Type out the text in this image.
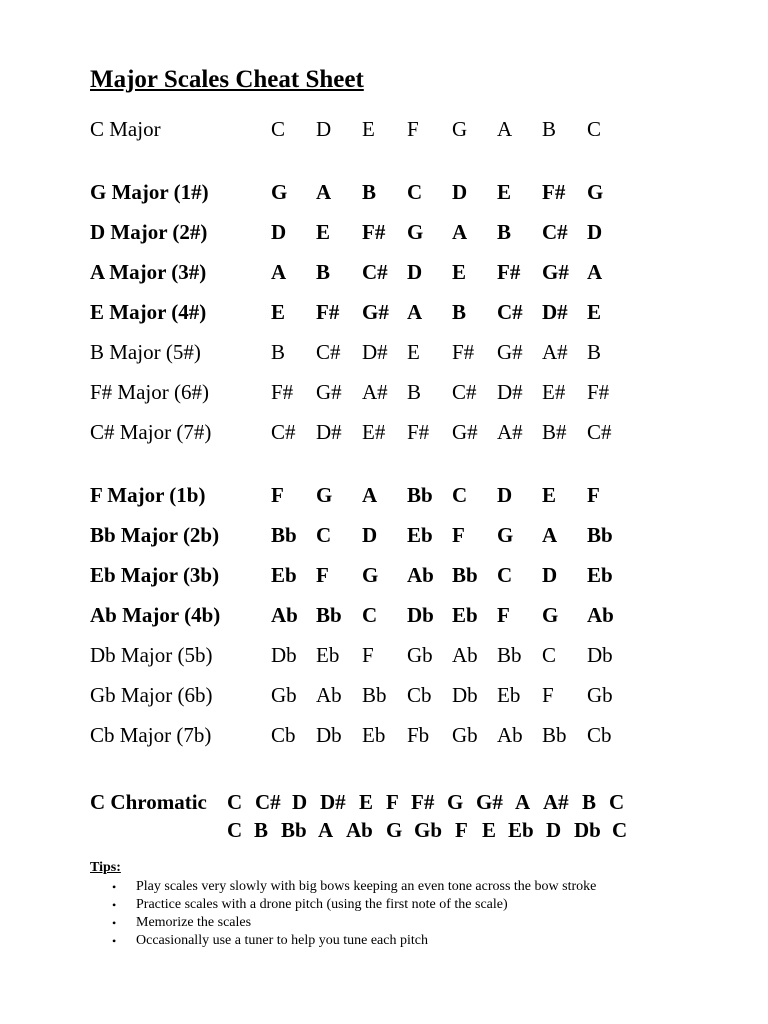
Major Scales Cheat Sheet
C Major	C D E F G A B C
G Major (1#)	G A B C D E F# G
D Major (2#)	D E F# G A B C# D
A Major (3#)	A B C# D E F# G# A
E Major (4#)	E F# G# A B C# D# E
B Major (5#)	B C# D# E F# G# A# B
F# Major (6#)	F# G# A# B C# D# E# F#
C# Major (7#)	C# D# E# F# G# A# B# C#
F Major (1b)	F G A Bb C D E F
Bb Major (2b) Bb C D Eb F G A Bb
Eb Major (3b) Eb F G Ab Bb C D Eb
Ab Major (4b) Ab Bb C Db Eb F G Ab
Db Major (5b)	Db Eb F Gb Ab Bb C Db
Gb Major (6b)	Gb Ab Bb Cb Db Eb F Gb
Cb Major (7b)	Cb Db Eb Fb Gb Ab Bb Cb
C Chromatic C C# D D# E F F# G G# A A# B C
C B Bb A Ab G Gb F E Eb D Db C
Tips:
• Play scales very slowly with big bows keeping an even tone across the bow stroke
• Practice scales with a drone pitch (using the first note of the scale)
• Memorize the scales
• Occasionally use a tuner to help you tune each pitch
